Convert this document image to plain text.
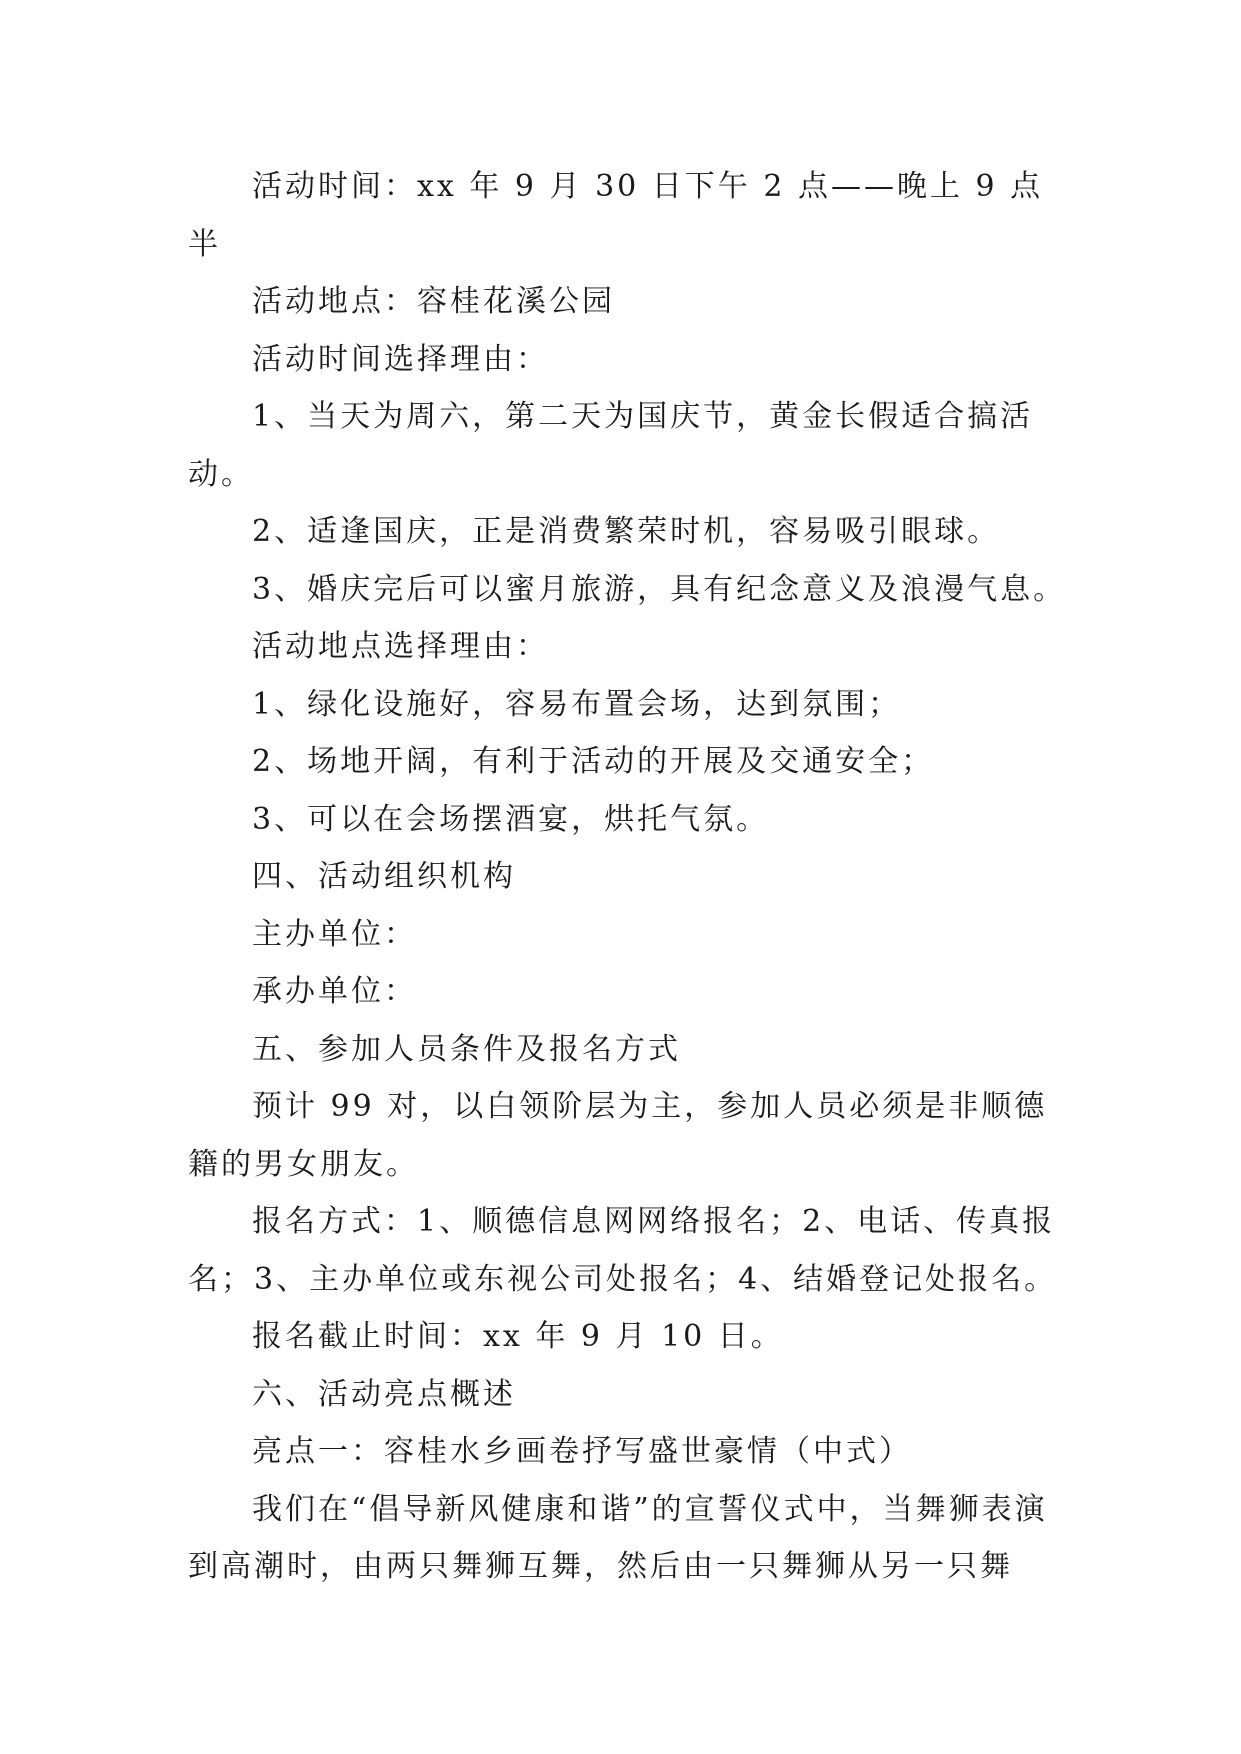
活动时间：xx 年 9 月 30 日下午 2 点——晚上 9 点半

活动地点：容桂花溪公园

活动时间选择理由：

1、当天为周六，第二天为国庆节，黄金长假适合搞活动。

2、适逢国庆，正是消费繁荣时机，容易吸引眼球。

3、婚庆完后可以蜜月旅游，具有纪念意义及浪漫气息。

活动地点选择理由：

1、绿化设施好，容易布置会场，达到氛围；

2、场地开阔，有利于活动的开展及交通安全；

3、可以在会场摆酒宴，烘托气氛。

四、活动组织机构

主办单位：

承办单位：

五、参加人员条件及报名方式

预计 99 对，以白领阶层为主，参加人员必须是非顺德籍的男女朋友。

报名方式：1、顺德信息网网络报名；2、电话、传真报名；3、主办单位或东视公司处报名；4、结婚登记处报名。

报名截止时间：xx 年 9 月 10 日。

六、活动亮点概述

亮点一：容桂水乡画卷抒写盛世豪情（中式）

我们在“倡导新风健康和谐”的宣誓仪式中，当舞狮表演到高潮时，由两只舞狮互舞，然后由一只舞狮从另一只舞
